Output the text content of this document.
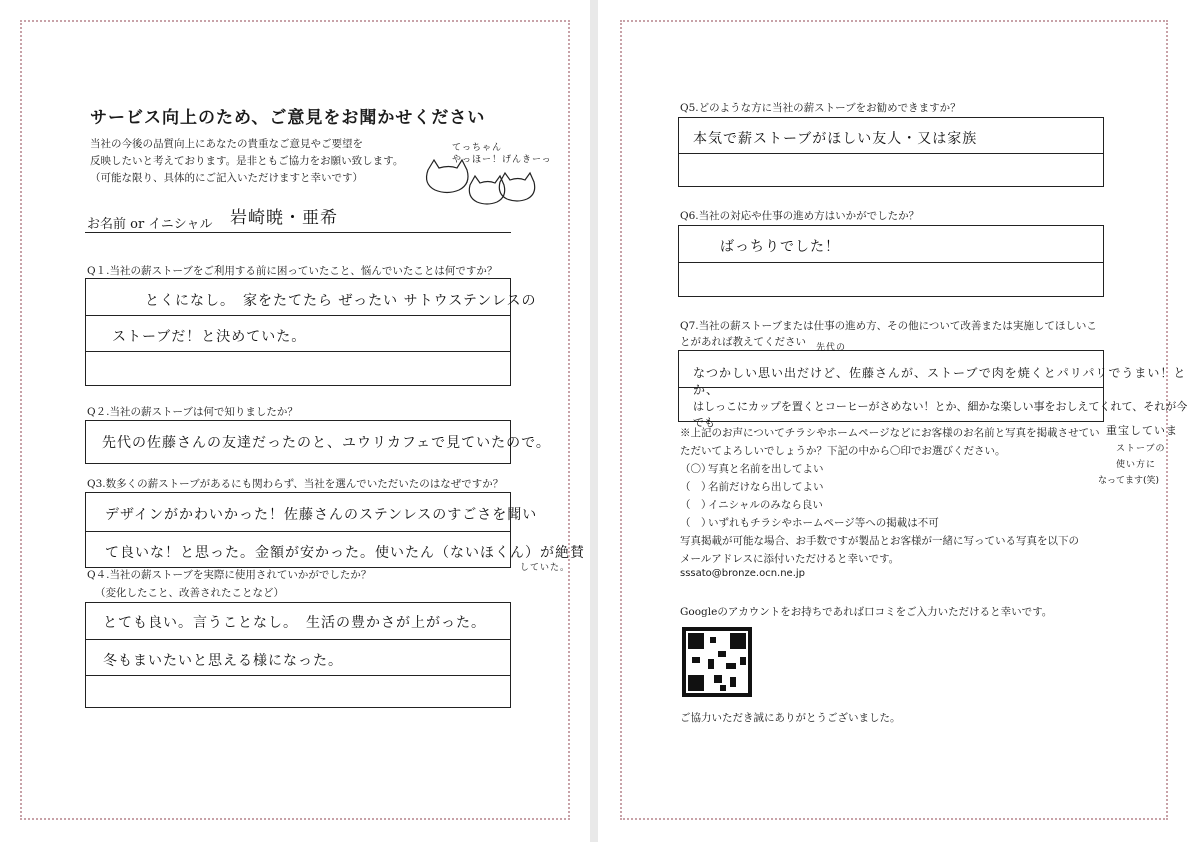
サービス向上のため、ご意見をお聞かせください
当社の今後の品質向上にあなたの貴重なご意見やご要望を
反映したいと考えております。是非ともご協力をお願い致します。
（可能な限り、具体的にご記入いただけますと幸いです）
てっちゃん
やっほー！げんきーっ
お名前 or イニシャル 岩崎暁・亜希
Q１.当社の薪ストーブをご利用する前に困っていたこと、悩んでいたことは何ですか？
とくになし。　家をたてたら ぜったい サトウステンレスの
ストーブだ！と決めていた。
Q２.当社の薪ストーブは何で知りましたか？
先代の佐藤さんの友達だったのと、ユウリカフェで見ていたので。
Q3.数多くの薪ストーブがあるにも関わらず、当社を選んでいただいたのはなぜですか？
デザインがかわいかった！佐藤さんのステンレスのすごさを聞い
て良いな！と思った。金額が安かった。使いたん（ないほくん）が絶賛
していた。
Q４.当社の薪ストーブを実際に使用されていかがでしたか？
（変化したこと、改善されたことなど）
とても良い。言うことなし。　生活の豊かさが上がった。
冬もまいたいと思える様になった。
Q5.どのような方に当社の薪ストーブをお勧めできますか？
本気で薪ストーブがほしい友人・又は家族
Q6.当社の対応や仕事の進め方はいかがでしたか？
ばっちりでした！
Q7.当社の薪ストーブまたは仕事の進め方、その他について改善または実施してほしいこ
とがあれば教えてください 先代の
なつかしい思い出だけど、佐藤さんが、ストーブで肉を焼くとパリパリでうまい！とか、
はしっこにカップを置くとコーヒーがさめない！とか、細かな楽しい事をおしえてくれて、それが今でも
重宝していま
ストーブの
使い方に
なってます(笑)
※上記のお声についてチラシやホームページなどにお客様のお名前と写真を掲載させてい
ただいてよろしいでしょうか？下記の中から〇印でお選びください。
（〇）写真と名前を出してよい
（　）名前だけなら出してよい
（　）イニシャルのみなら良い
（　）いずれもチラシやホームページ等への掲載は不可
写真掲載が可能な場合、お手数ですが製品とお客様が一緒に写っている写真を以下の
メールアドレスに添付いただけると幸いです。
sssato@bronze.ocn.ne.jp
Googleのアカウントをお持ちであれば口コミをご入力いただけると幸いです。
ご協力いただき誠にありがとうございました。
